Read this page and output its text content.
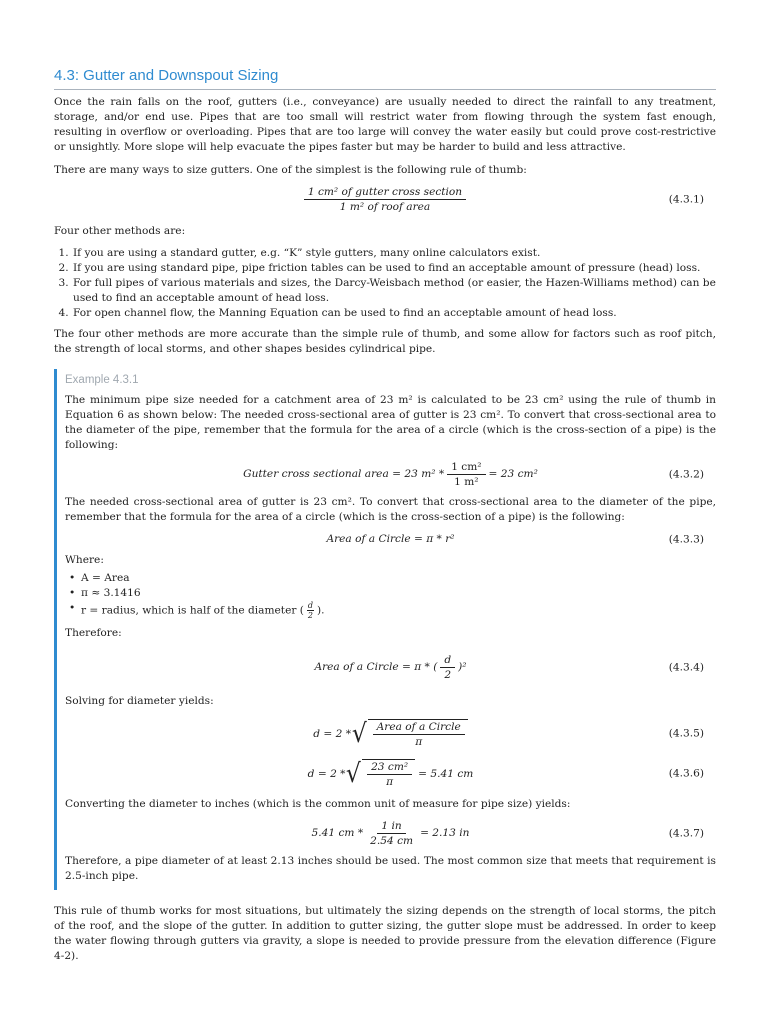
4.3: Gutter and Downspout Sizing

Once the rain falls on the roof, gutters (i.e., conveyance) are usually needed to direct the rainfall to any treatment, storage, and/or end use. Pipes that are too small will restrict water from flowing through the system fast enough, resulting in overflow or overloading. Pipes that are too large will convey the water easily but could prove cost-restrictive or unsightly. More slope will help evacuate the pipes faster but may be harder to build and less attractive.

There are many ways to size gutters. One of the simplest is the following rule of thumb:

$\frac{\text{1 cm² of gutter cross section}}{\text{1 m² of roof area}}$	(4.3.1)

Four other methods are:

1. If you are using a standard gutter, e.g. “K” style gutters, many online calculators exist.
2. If you are using standard pipe, pipe friction tables can be used to find an acceptable amount of pressure (head) loss.
3. For full pipes of various materials and sizes, the Darcy-Weisbach method (or easier, the Hazen-Williams method) can be used to find an acceptable amount of head loss.
4. For open channel flow, the Manning Equation can be used to find an acceptable amount of head loss.

The four other methods are more accurate than the simple rule of thumb, and some allow for factors such as roof pitch, the strength of local storms, and other shapes besides cylindrical pipe.

Example 4.3.1

The minimum pipe size needed for a catchment area of 23 m² is calculated to be 23 cm² using the rule of thumb in Equation 6 as shown below: The needed cross-sectional area of gutter is 23 cm². To convert that cross-sectional area to the diameter of the pipe, remember that the formula for the area of a circle (which is the cross-section of a pipe) is the following:

Gutter cross sectional area = 23 $m^2 * \frac{\text{1 cm²}}{\text{1 m²}} = 23$ cm²	(4.3.2)

The needed cross-sectional area of gutter is 23 cm². To convert that cross-sectional area to the diameter of the pipe, remember that the formula for the area of a circle (which is the cross-section of a pipe) is the following:

Area of a Circle = π * r²	(4.3.3)

Where:

• A = Area
• π ≈ 3.1416
• r = radius, which is half of the diameter ( $\frac{d}{2}$ ).

Therefore:

Area of a Circle = π * ( $\frac{d}{2} )^2$	(4.3.4)

Solving for diameter yields:

d = 2 * √ $\frac{\text{Area of a Circle}}{\pi}$	(4.3.5)
d = 2 * √ $\frac{\text{23 cm²}}{\pi} = 5.41$ cm	(4.3.6)

Converting the diameter to inches (which is the common unit of measure for pipe size) yields:

5.41 cm * $\frac{1 in}{2.54 cm} = 2.13$ in	(4.3.7)

Therefore, a pipe diameter of at least 2.13 inches should be used. The most common size that meets that requirement is 2.5-inch pipe.

This rule of thumb works for most situations, but ultimately the sizing depends on the strength of local storms, the pitch of the roof, and the slope of the gutter. In addition to gutter sizing, the gutter slope must be addressed. In order to keep the water flowing through gutters via gravity, a slope is needed to provide pressure from the elevation difference (Figure 4-2).
